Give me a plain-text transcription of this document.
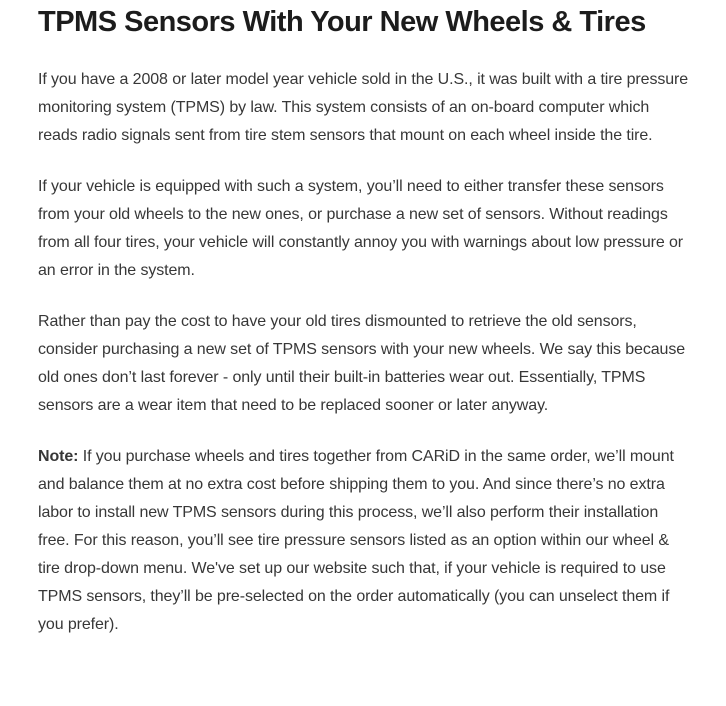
TPMS Sensors With Your New Wheels & Tires

If you have a 2008 or later model year vehicle sold in the U.S., it was built with a tire pressure monitoring system (TPMS) by law. This system consists of an on-board computer which reads radio signals sent from tire stem sensors that mount on each wheel inside the tire.

If your vehicle is equipped with such a system, you’ll need to either transfer these sensors from your old wheels to the new ones, or purchase a new set of sensors. Without readings from all four tires, your vehicle will constantly annoy you with warnings about low pressure or an error in the system.

Rather than pay the cost to have your old tires dismounted to retrieve the old sensors, consider purchasing a new set of TPMS sensors with your new wheels. We say this because old ones don’t last forever - only until their built-in batteries wear out. Essentially, TPMS sensors are a wear item that need to be replaced sooner or later anyway.

Note: If you purchase wheels and tires together from CARiD in the same order, we’ll mount and balance them at no extra cost before shipping them to you. And since there’s no extra labor to install new TPMS sensors during this process, we’ll also perform their installation free. For this reason, you’ll see tire pressure sensors listed as an option within our wheel & tire drop-down menu. We've set up our website such that, if your vehicle is required to use TPMS sensors, they’ll be pre-selected on the order automatically (you can unselect them if you prefer).
